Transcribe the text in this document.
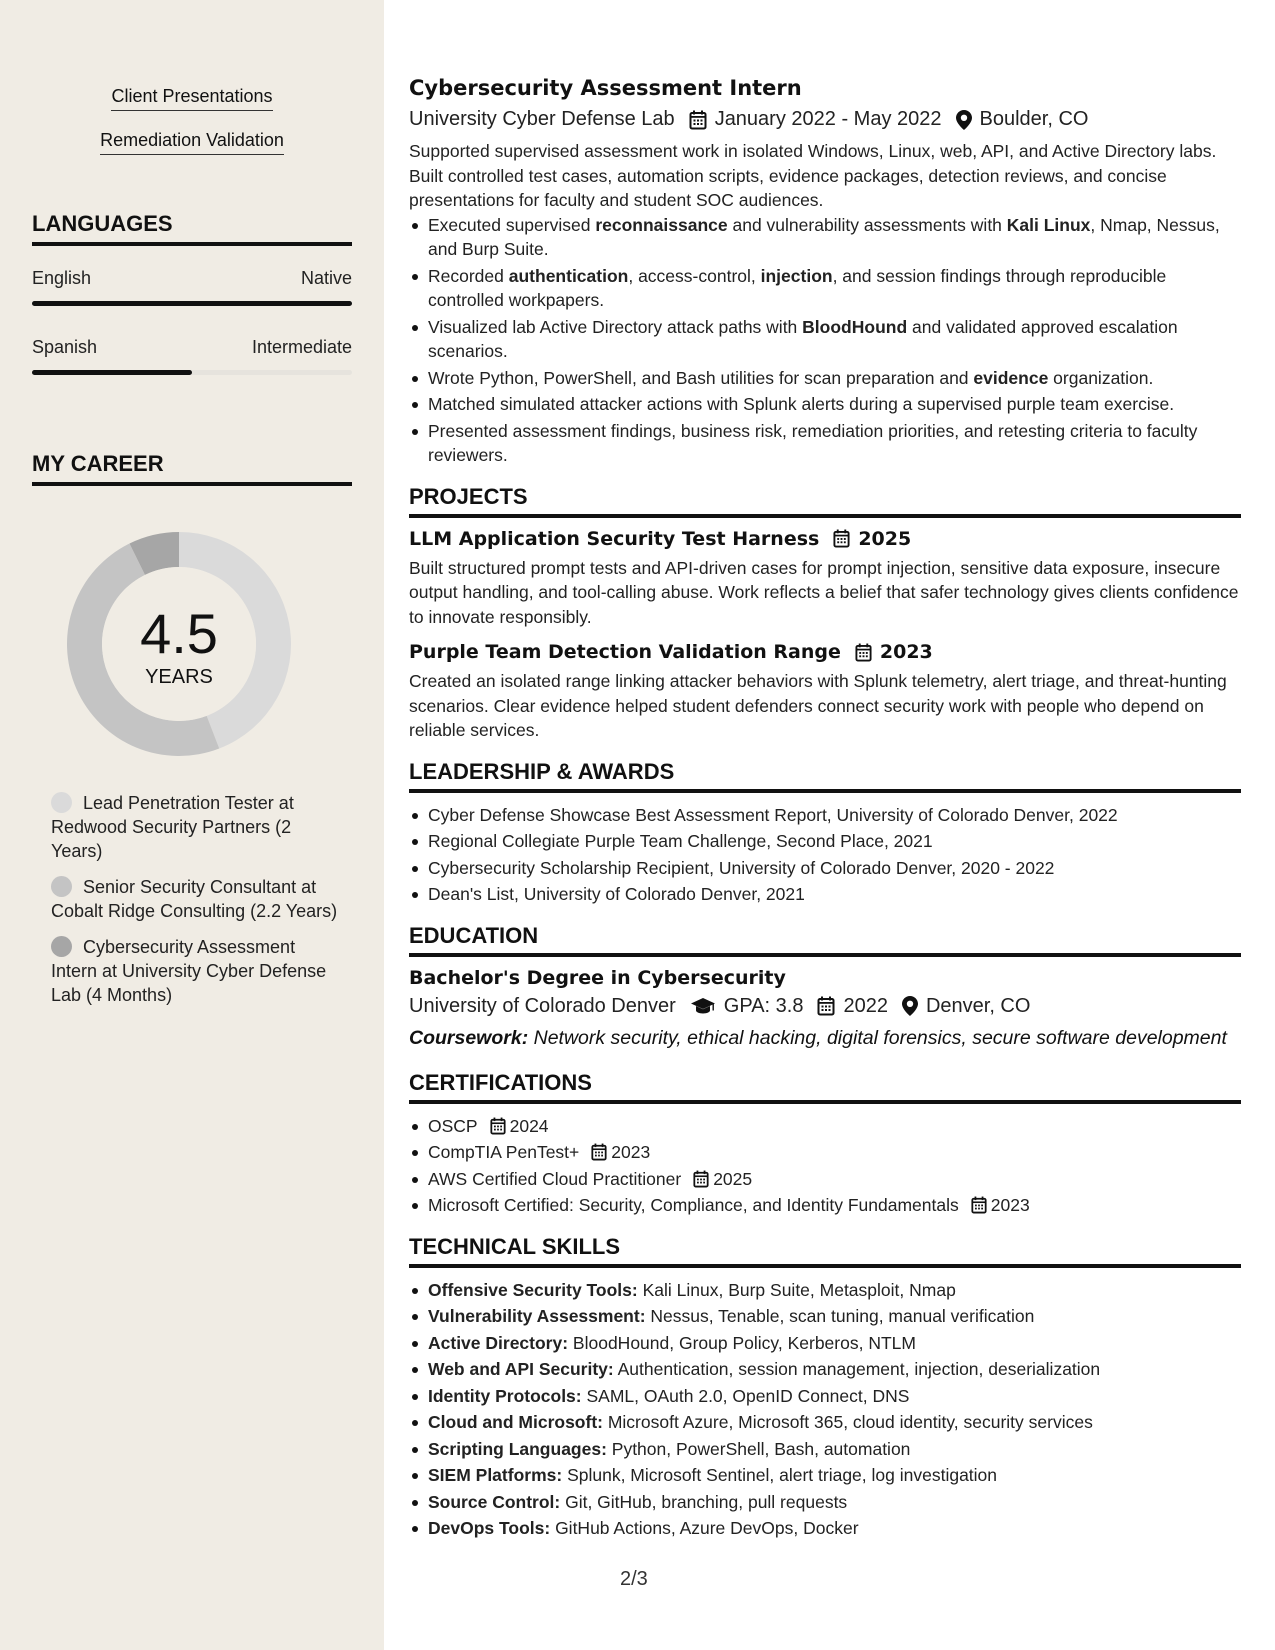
Client Presentations
Remediation Validation
LANGUAGES
English	Native
Spanish	Intermediate
MY CAREER
4.5
YEARS
Lead Penetration Tester at Redwood Security Partners (2 Years)
Senior Security Consultant at Cobalt Ridge Consulting (2.2 Years)
Cybersecurity Assessment Intern at University Cyber Defense Lab (4 Months)
Cybersecurity Assessment Intern
University Cyber Defense Lab January 2022 - May 2022 Boulder, CO

Supported supervised assessment work in isolated Windows, Linux, web, API, and Active Directory labs. Built controlled test cases, automation scripts, evidence packages, detection reviews, and concise presentations for faculty and student SOC audiences.

Executed supervised reconnaissance and vulnerability assessments with Kali Linux, Nmap, Nessus, and Burp Suite.
Recorded authentication, access-control, injection, and session findings through reproducible controlled workpapers.
Visualized lab Active Directory attack paths with BloodHound and validated approved escalation scenarios.
Wrote Python, PowerShell, and Bash utilities for scan preparation and evidence organization.
Matched simulated attacker actions with Splunk alerts during a supervised purple team exercise.
Presented assessment findings, business risk, remediation priorities, and retesting criteria to faculty reviewers.
PROJECTS
LLM Application Security Test Harness 2025

Built structured prompt tests and API-driven cases for prompt injection, sensitive data exposure, insecure output handling, and tool-calling abuse. Work reflects a belief that safer technology gives clients confidence to innovate responsibly.

Purple Team Detection Validation Range 2023

Created an isolated range linking attacker behaviors with Splunk telemetry, alert triage, and threat-hunting scenarios. Clear evidence helped student defenders connect security work with people who depend on reliable services.

LEADERSHIP & AWARDS
Cyber Defense Showcase Best Assessment Report, University of Colorado Denver, 2022
Regional Collegiate Purple Team Challenge, Second Place, 2021
Cybersecurity Scholarship Recipient, University of Colorado Denver, 2020 - 2022
Dean's List, University of Colorado Denver, 2021
EDUCATION
Bachelor's Degree in Cybersecurity
University of Colorado Denver GPA: 3.8 2022 Denver, CO

Coursework: Network security, ethical hacking, digital forensics, secure software development

CERTIFICATIONS
OSCP 2024
CompTIA PenTest+ 2023
AWS Certified Cloud Practitioner 2025
Microsoft Certified: Security, Compliance, and Identity Fundamentals 2023
TECHNICAL SKILLS
Offensive Security Tools: Kali Linux, Burp Suite, Metasploit, Nmap
Vulnerability Assessment: Nessus, Tenable, scan tuning, manual verification
Active Directory: BloodHound, Group Policy, Kerberos, NTLM
Web and API Security: Authentication, session management, injection, deserialization
Identity Protocols: SAML, OAuth 2.0, OpenID Connect, DNS
Cloud and Microsoft: Microsoft Azure, Microsoft 365, cloud identity, security services
Scripting Languages: Python, PowerShell, Bash, automation
SIEM Platforms: Splunk, Microsoft Sentinel, alert triage, log investigation
Source Control: Git, GitHub, branching, pull requests
DevOps Tools: GitHub Actions, Azure DevOps, Docker
2/3
